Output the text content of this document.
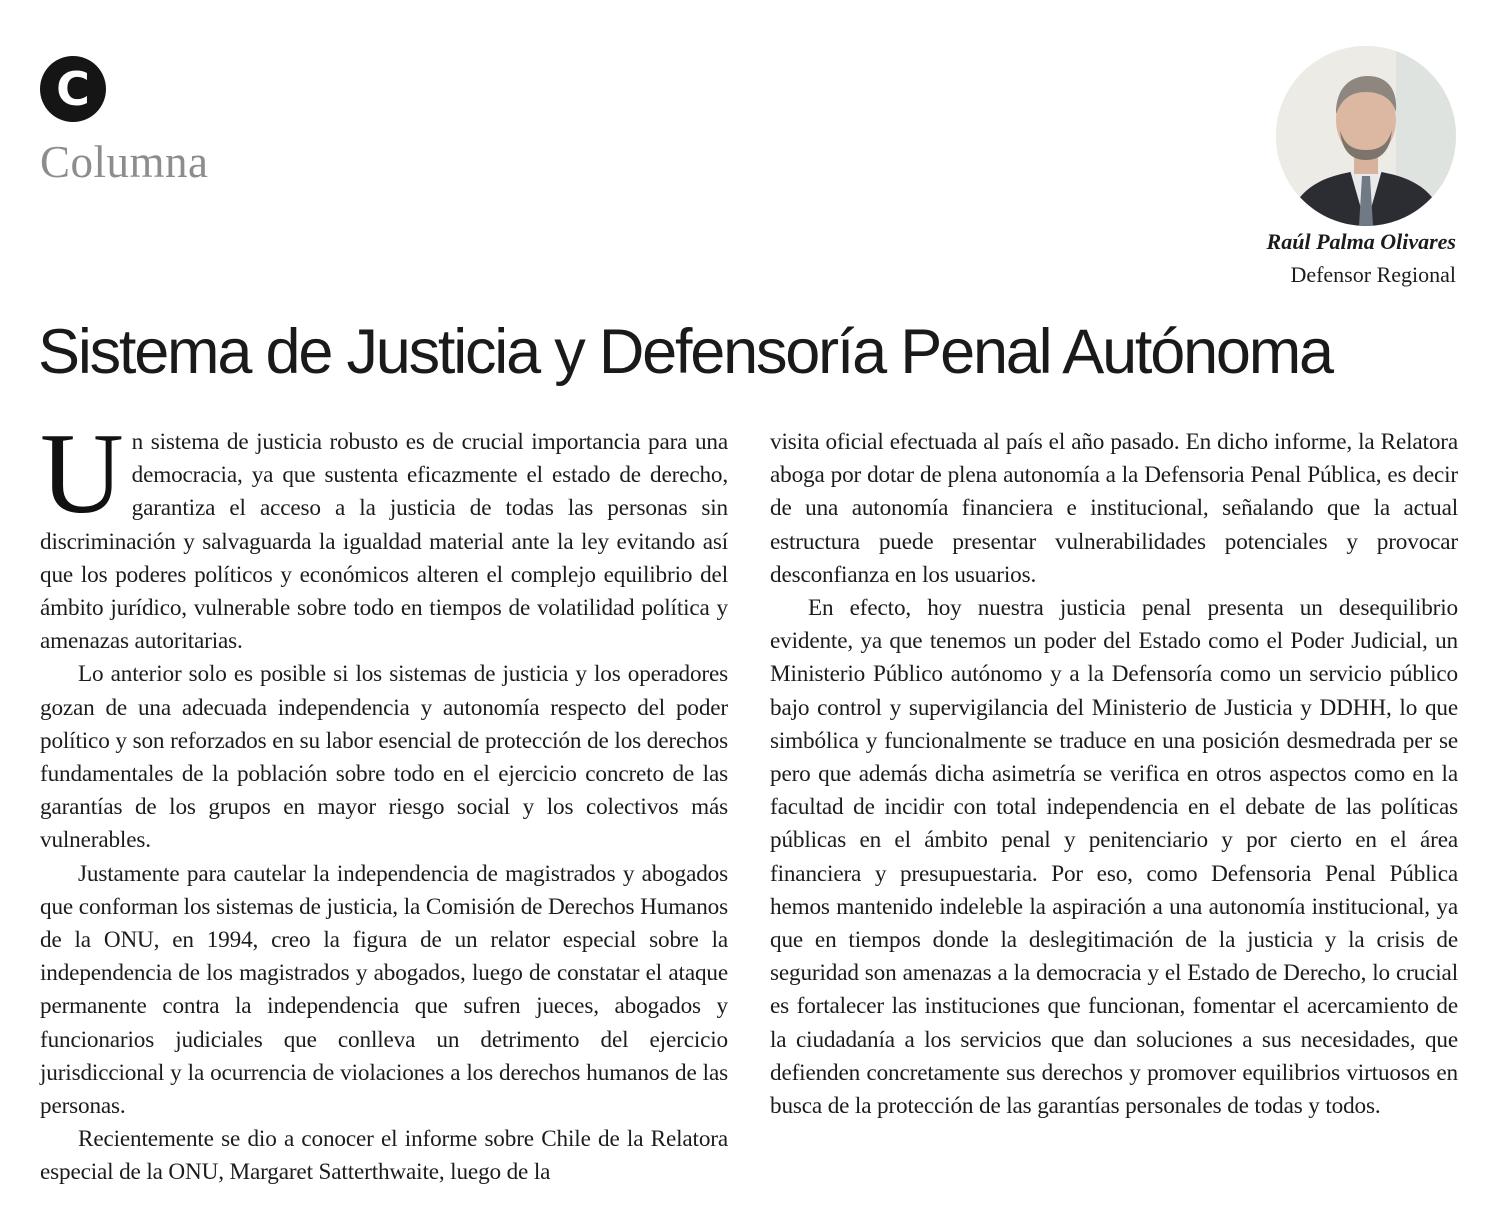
C
Columna
Raúl Palma Olivares
Defensor Regional
Sistema de Justicia y Defensoría Penal Autónoma

Un sistema de justicia robusto es de crucial importancia para una democracia, ya que sustenta eficazmente el estado de derecho, garantiza el acceso a la justicia de todas las personas sin discriminación y salvaguarda la igualdad material ante la ley evitando así que los poderes políticos y económicos alteren el complejo equilibrio del ámbito jurídico, vulnerable sobre todo en tiempos de volatilidad política y amenazas autoritarias.

Lo anterior solo es posible si los sistemas de justicia y los operadores gozan de una adecuada independencia y autonomía respecto del poder político y son reforzados en su labor esencial de protección de los derechos fundamentales de la población sobre todo en el ejercicio concreto de las garantías de los grupos en mayor riesgo social y los colectivos más vulnerables.

Justamente para cautelar la independencia de magistrados y abogados que conforman los sistemas de justicia, la Comisión de Derechos Humanos de la ONU, en 1994, creo la figura de un relator especial sobre la independencia de los magistrados y abogados, luego de constatar el ataque permanente contra la independencia que sufren jueces, abogados y funcionarios judiciales que conlleva un detrimento del ejercicio jurisdiccional y la ocurrencia de violaciones a los derechos humanos de las personas.

Recientemente se dio a conocer el informe sobre Chile de la Relatora especial de la ONU, Margaret Satterthwaite, luego de la

visita oficial efectuada al país el año pasado. En dicho informe, la Relatora aboga por dotar de plena autonomía a la Defensoria Penal Pública, es decir de una autonomía financiera e institucional, señalando que la actual estructura puede presentar vulnerabilidades potenciales y provocar desconfianza en los usuarios.

En efecto, hoy nuestra justicia penal presenta un desequilibrio evidente, ya que tenemos un poder del Estado como el Poder Judicial, un Ministerio Público autónomo y a la Defensoría como un servicio público bajo control y supervigilancia del Ministerio de Justicia y DDHH, lo que simbólica y funcionalmente se traduce en una posición desmedrada per se pero que además dicha asimetría se verifica en otros aspectos como en la facultad de incidir con total independencia en el debate de las políticas públicas en el ámbito penal y penitenciario y por cierto en el área financiera y presupuestaria. Por eso, como Defensoria Penal Pública hemos mantenido indeleble la aspiración a una autonomía institucional, ya que en tiempos donde la deslegitimación de la justicia y la crisis de seguridad son amenazas a la democracia y el Estado de Derecho, lo crucial es fortalecer las instituciones que funcionan, fomentar el acercamiento de la ciudadanía a los servicios que dan soluciones a sus necesidades, que defienden concretamente sus derechos y promover equilibrios virtuosos en busca de la protección de las garantías personales de todas y todos.
